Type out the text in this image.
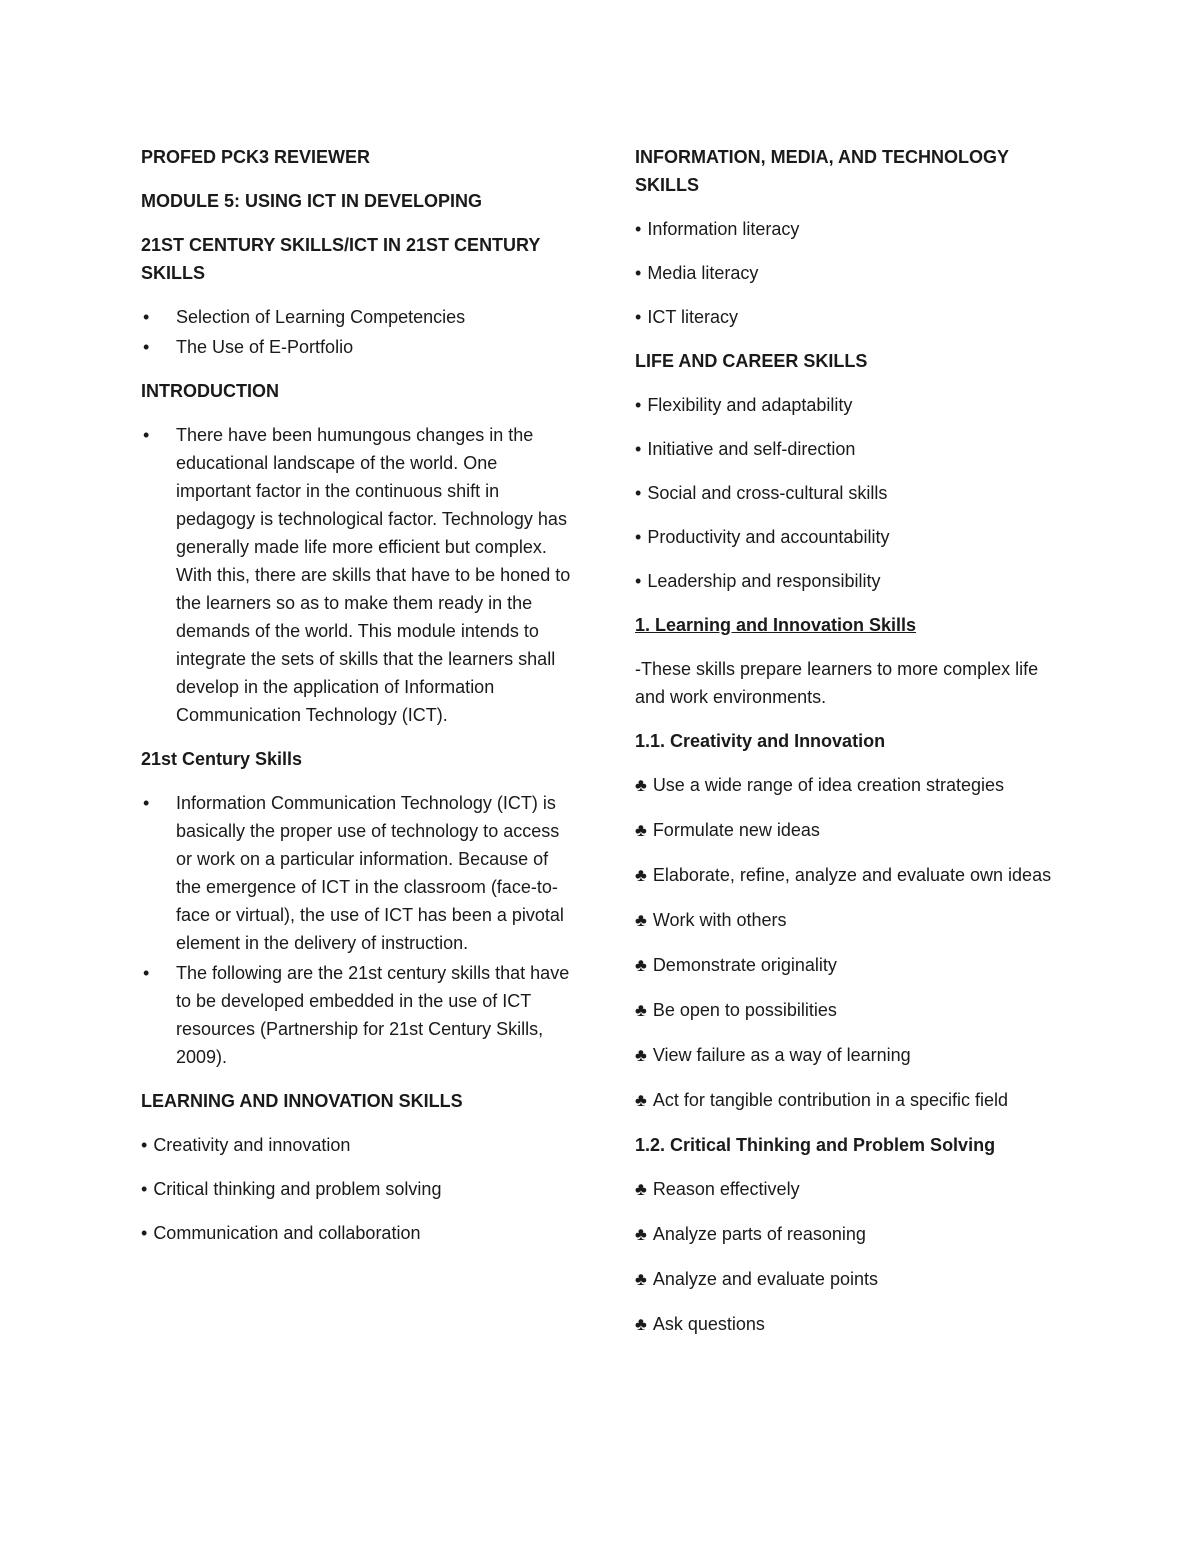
PROFED PCK3 REVIEWER
MODULE 5: USING ICT IN DEVELOPING
21ST CENTURY SKILLS/ICT IN 21ST CENTURY SKILLS
• Selection of Learning Competencies
• The Use of E-Portfolio
INTRODUCTION
• There have been humungous changes in the educational landscape of the world. One important factor in the continuous shift in pedagogy is technological factor. Technology has generally made life more efficient but complex. With this, there are skills that have to be honed to the learners so as to make them ready in the demands of the world. This module intends to integrate the sets of skills that the learners shall develop in the application of Information Communication Technology (ICT).
21st Century Skills
• Information Communication Technology (ICT) is basically the proper use of technology to access or work on a particular information. Because of the emergence of ICT in the classroom (face-to-face or virtual), the use of ICT has been a pivotal element in the delivery of instruction.
• The following are the 21st century skills that have to be developed embedded in the use of ICT resources (Partnership for 21st Century Skills, 2009).
LEARNING AND INNOVATION SKILLS
• Creativity and innovation
• Critical thinking and problem solving
• Communication and collaboration
INFORMATION, MEDIA, AND TECHNOLOGY SKILLS
• Information literacy
• Media literacy
• ICT literacy
LIFE AND CAREER SKILLS
• Flexibility and adaptability
• Initiative and self-direction
• Social and cross-cultural skills
• Productivity and accountability
• Leadership and responsibility
1. Learning and Innovation Skills
-These skills prepare learners to more complex life and work environments.
1.1. Creativity and Innovation
♣ Use a wide range of idea creation strategies
♣ Formulate new ideas
♣ Elaborate, refine, analyze and evaluate own ideas
♣ Work with others
♣ Demonstrate originality
♣ Be open to possibilities
♣ View failure as a way of learning
♣ Act for tangible contribution in a specific field
1.2. Critical Thinking and Problem Solving
♣ Reason effectively
♣ Analyze parts of reasoning
♣ Analyze and evaluate points
♣ Ask questions
